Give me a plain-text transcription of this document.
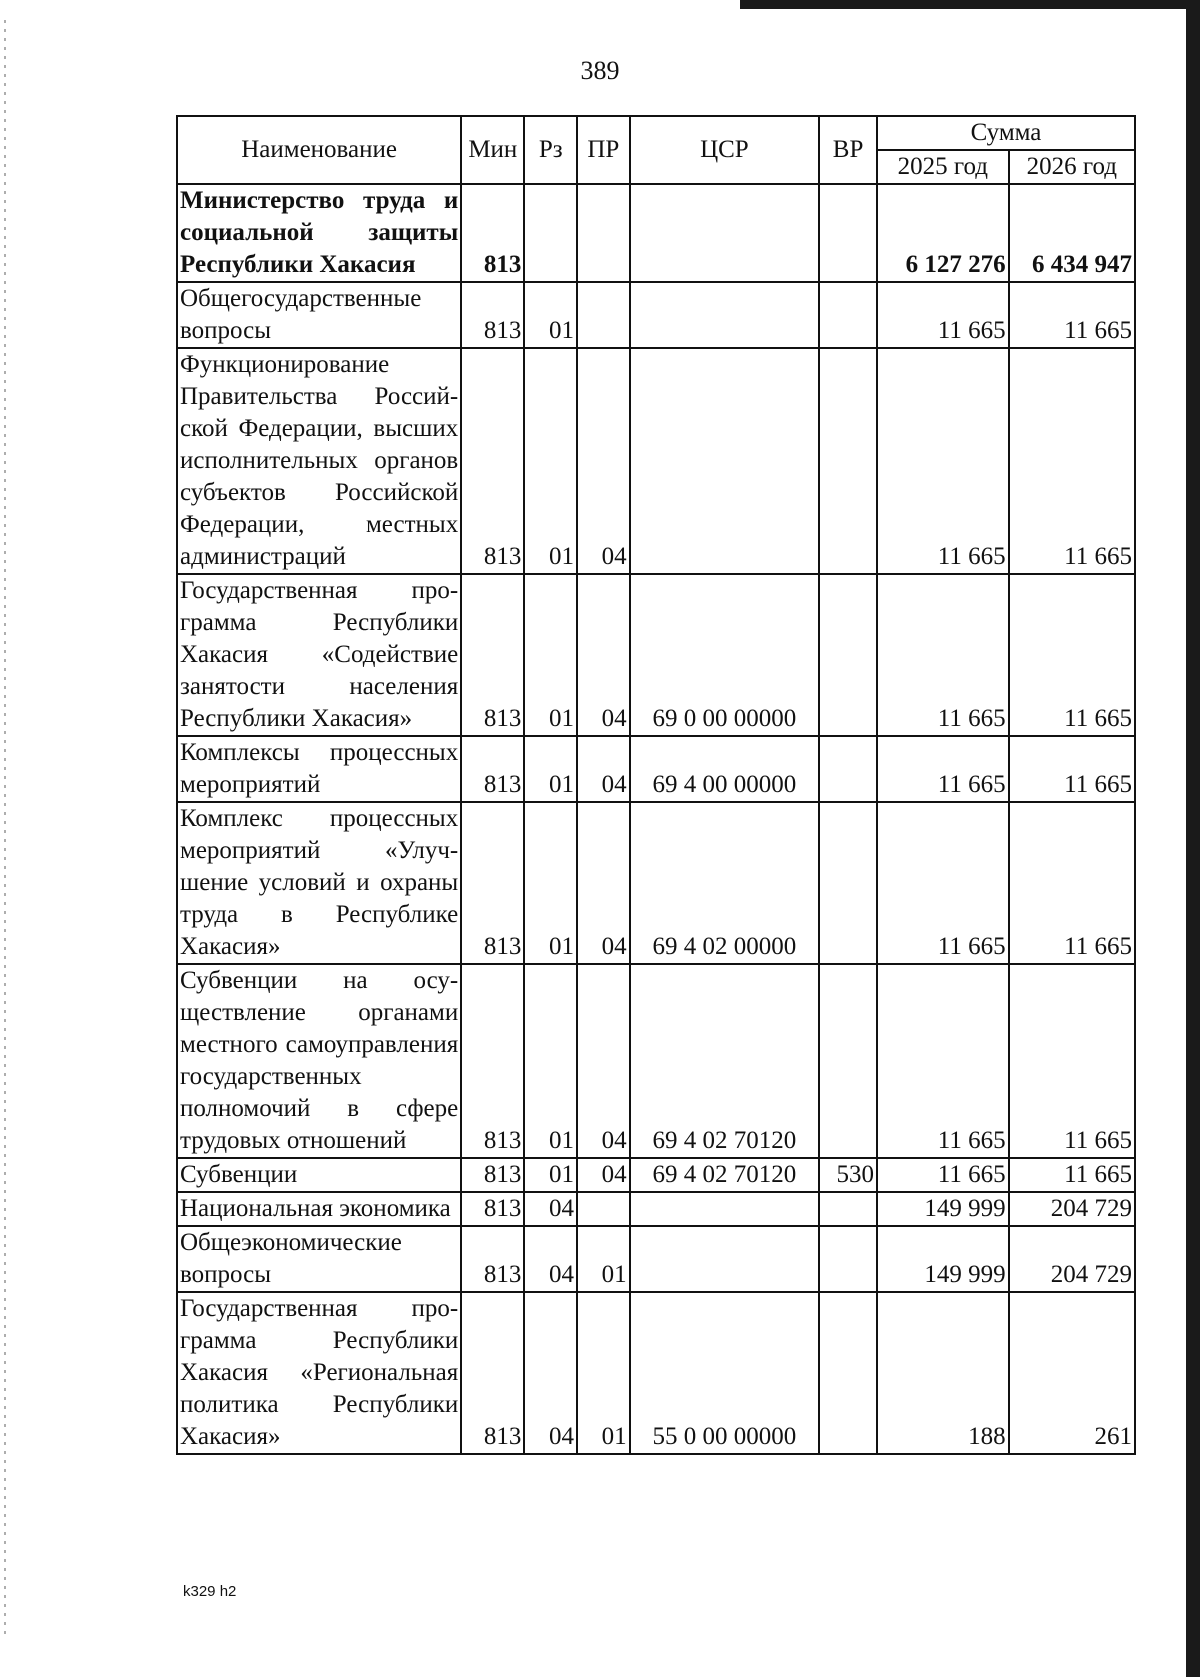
389
Наименование	Мин	Рз	ПР	ЦСР	ВР	Сумма	
						2025 год	2026 год
Министерство труда и социальной защиты Республики Хакасия	813					6 127 276	6 434 947
Общегосударственные вопросы	813	01				11 665	11 665
Функционирование Правительства Российской Федерации, высших исполнительных органов субъектов Российской Федерации, местных администраций	813	01	04			11 665	11 665
Государственная программа Республики Хакасия «Содействие занятости населения Республики Хакасия»	813	01	04	69 0 00 00000		11 665	11 665
Комплексы процессных мероприятий	813	01	04	69 4 00 00000		11 665	11 665
Комплекс процессных мероприятий «Улучшение условий и охраны труда в Республике Хакасия»	813	01	04	69 4 02 00000		11 665	11 665
Субвенции на осуществление органами местного самоуправления государственных полномочий в сфере трудовых отношений	813	01	04	69 4 02 70120		11 665	11 665
Субвенции	813	01	04	69 4 02 70120	530	11 665	11 665
Национальная экономика	813	04				149 999	204 729
Общеэкономические вопросы	813	04	01			149 999	204 729
Государственная программа Республики Хакасия «Региональная политика Республики Хакасия»	813	04	01	55 0 00 00000		188	261
k329 h2
